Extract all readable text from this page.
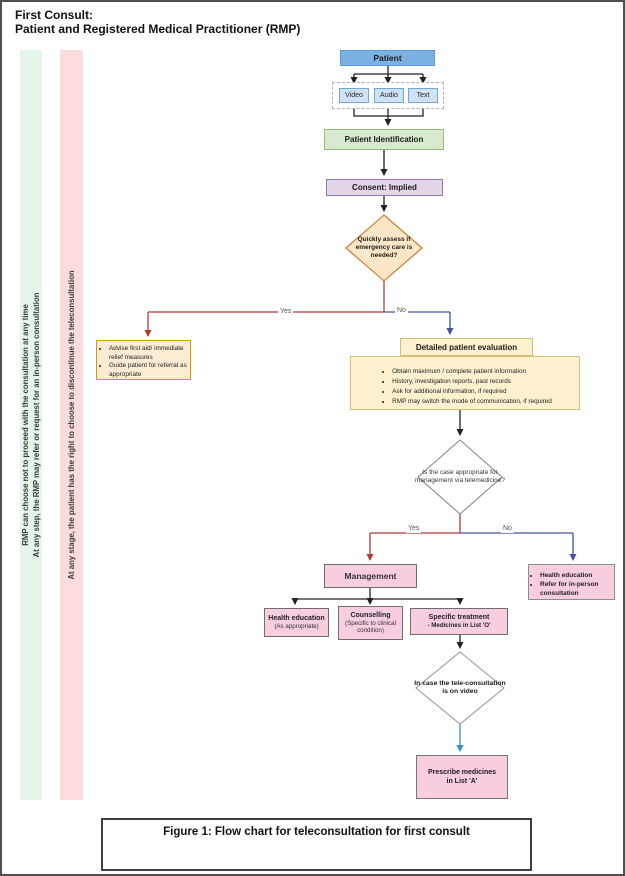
First Consult:
Patient and Registered Medical Practitioner (RMP)
RMP can choose not to proceed with the consultation at any time At any step, the RMP may refer or request for an in-person consultation	At any stage, the patient has the right to choose to discontinue the teleconsultation
Patient
Video Audio	Text
Patient Identification
Consent: Implied
Quickly assess if emergency care is needed?
Yes	No
• Advise first aid/ immediate relief measures
• Guide patient for referral as appropriate
Detailed patient evaluation
• Obtain maximum / complete patient information
• History, investigation reports, past records
• Ask for additional information, if required
• RMP may switch the mode of communication, if required
Is the case appropriate for management via telemedicine?
Yes	No
Management
Health education
(As appropriate)
Counselling
(Specific to clinical condition)
Specific treatment
- Medicines in List 'O'
• Health education
• Refer for in-person consultation
In case the tele-consultation is on video
Prescribe medicines in List 'A'
Figure 1: Flow chart for teleconsultation for first consult
